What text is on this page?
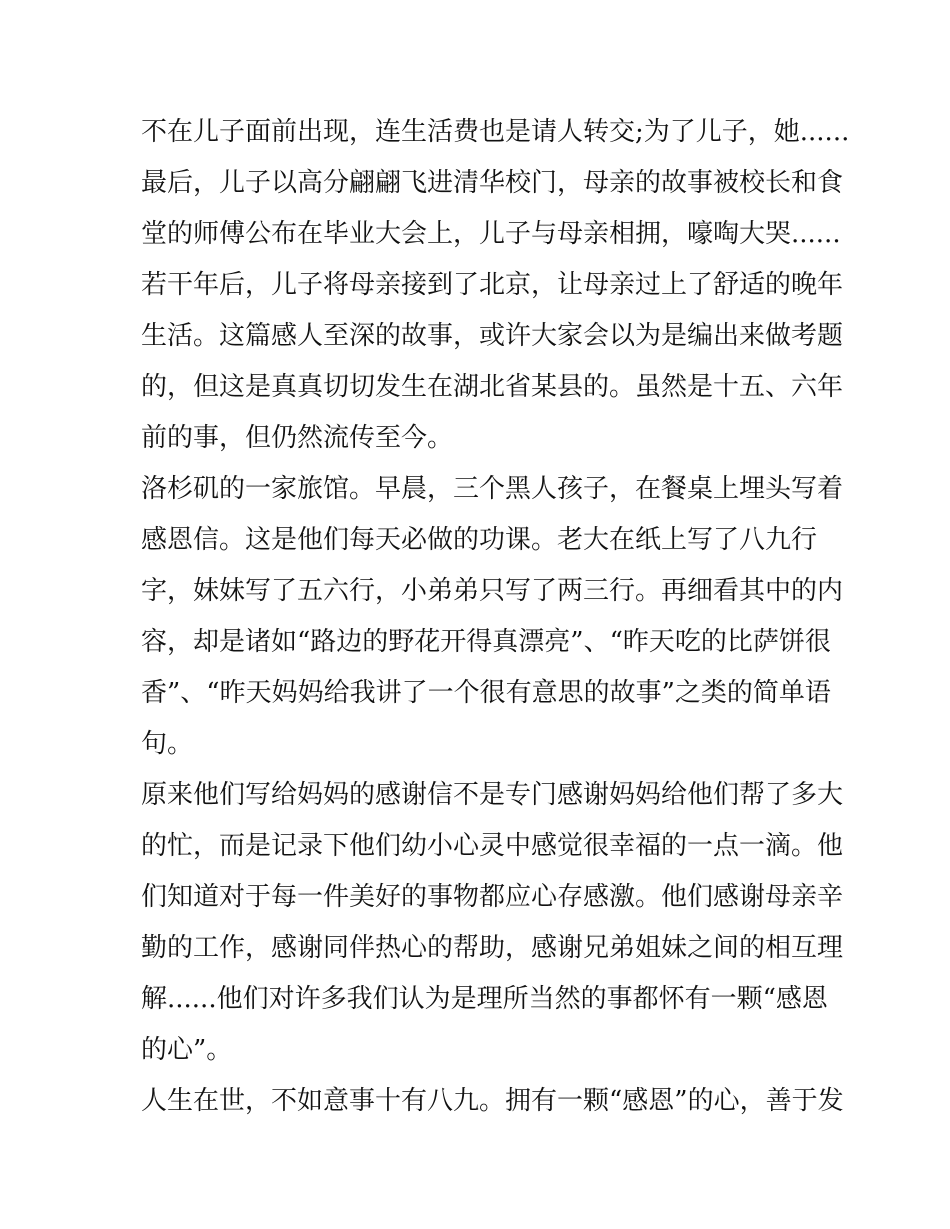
不在儿子面前出现，连生活费也是请人转交;为了儿子，她......
最后，儿子以高分翩翩飞进清华校门，母亲的故事被校长和食
堂的师傅公布在毕业大会上，儿子与母亲相拥，嚎啕大哭......
若干年后，儿子将母亲接到了北京，让母亲过上了舒适的晚年
生活。这篇感人至深的故事，或许大家会以为是编出来做考题
的，但这是真真切切发生在湖北省某县的。虽然是十五、六年
前的事，但仍然流传至今。
洛杉矶的一家旅馆。早晨，三个黑人孩子，在餐桌上埋头写着
感恩信。这是他们每天必做的功课。老大在纸上写了八九行
字，妹妹写了五六行，小弟弟只写了两三行。再细看其中的内
容，却是诸如“路边的野花开得真漂亮”、“昨天吃的比萨饼很
香”、“昨天妈妈给我讲了一个很有意思的故事”之类的简单语
句。
原来他们写给妈妈的感谢信不是专门感谢妈妈给他们帮了多大
的忙，而是记录下他们幼小心灵中感觉很幸福的一点一滴。他
们知道对于每一件美好的事物都应心存感激。他们感谢母亲辛
勤的工作，感谢同伴热心的帮助，感谢兄弟姐妹之间的相互理
解......他们对许多我们认为是理所当然的事都怀有一颗“感恩
的心”。
人生在世，不如意事十有八九。拥有一颗“感恩”的心，善于发
